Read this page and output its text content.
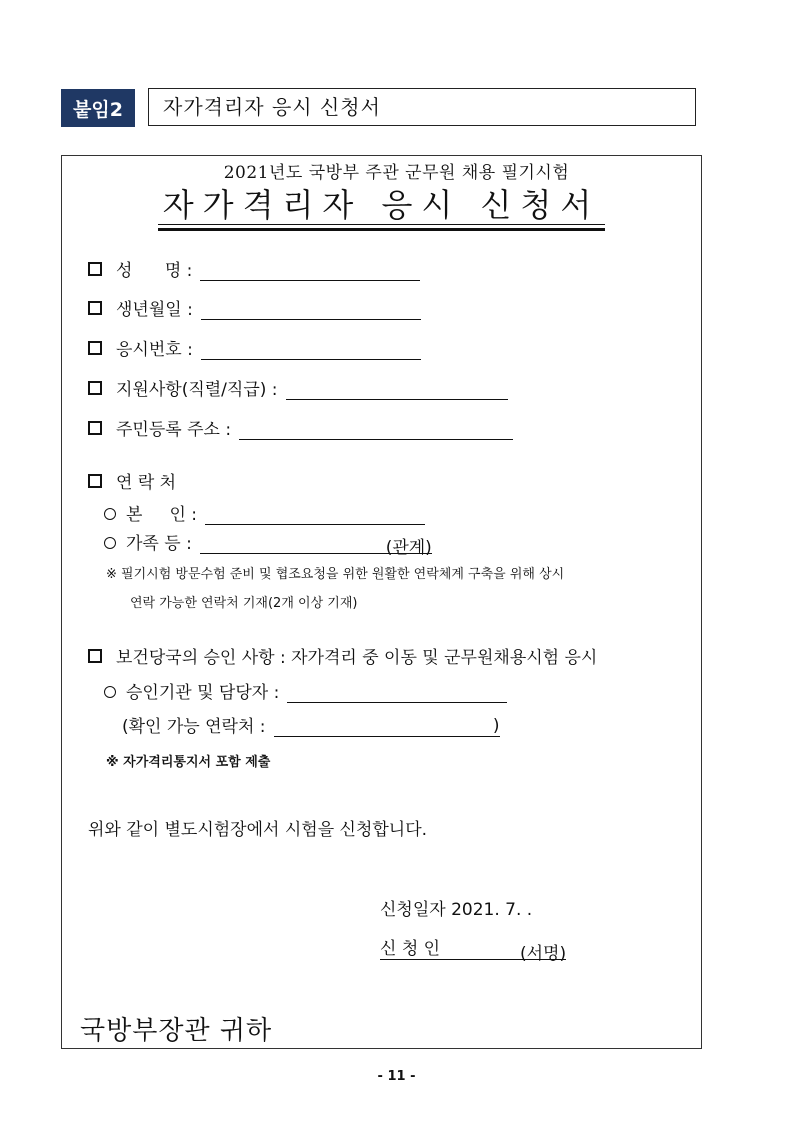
붙임2	자가격리자 응시 신청서
2021년도 국방부 주관 군무원 채용 필기시험
자가격리자 응시 신청서
성      명 :
생년월일 :
응시번호 :
지원사항(직렬/직급) :
주민등록 주소 :
연 락 처
본     인 :
가족 등 :	(관계)
※ 필기시험 방문수험 준비 및 협조요청을 위한 원활한 연락체계 구축을 위해 상시
연락 가능한 연락처 기재(2개 이상 기재)
보건당국의 승인 사항 : 자가격리 중 이동 및 군무원채용시험 응시
승인기관 및 담당자 :
(확인 가능 연락처 :	)
※ 자가격리통지서 포함 제출
위와 같이 별도시험장에서 시험을 신청합니다.
신청일자 2021. 7. .
신 청 인	(서명)
국방부장관 귀하
- 11 -
